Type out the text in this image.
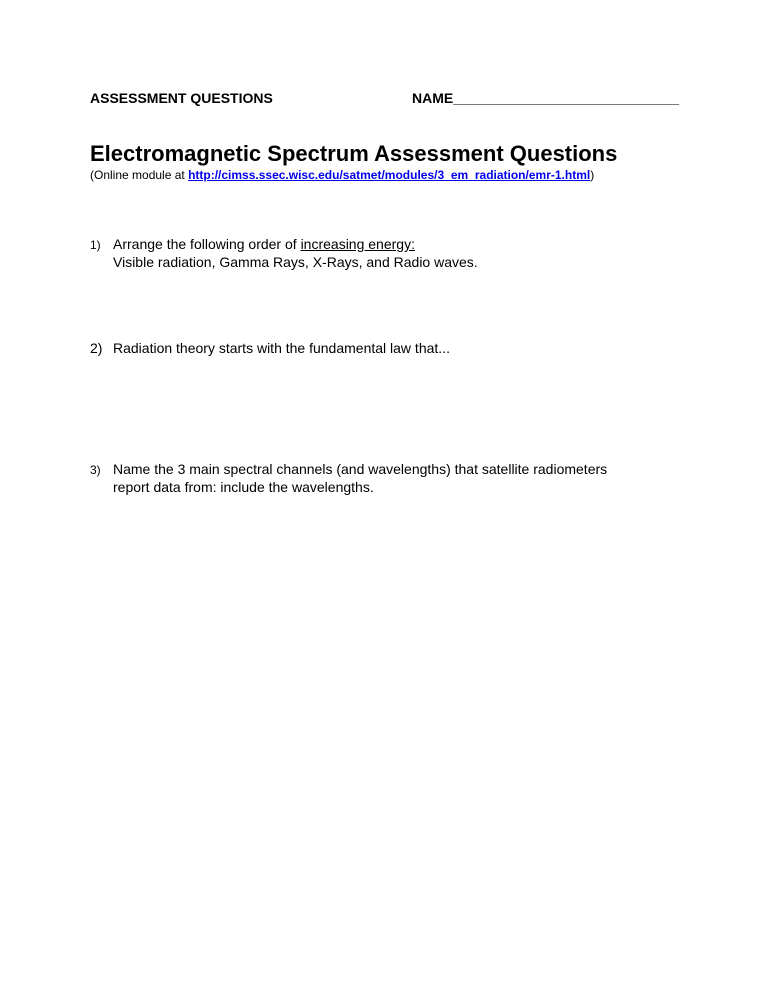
ASSESSMENT QUESTIONS	NAME_____________________________
Electromagnetic Spectrum Assessment Questions
(Online module at http://cimss.ssec.wisc.edu/satmet/modules/3_em_radiation/emr-1.html)
1) Arrange the following order of increasing energy:
Visible radiation, Gamma Rays, X-Rays, and Radio waves.
2) Radiation theory starts with the fundamental law that...
3) Name the 3 main spectral channels (and wavelengths) that satellite radiometers
report data from: include the wavelengths.
